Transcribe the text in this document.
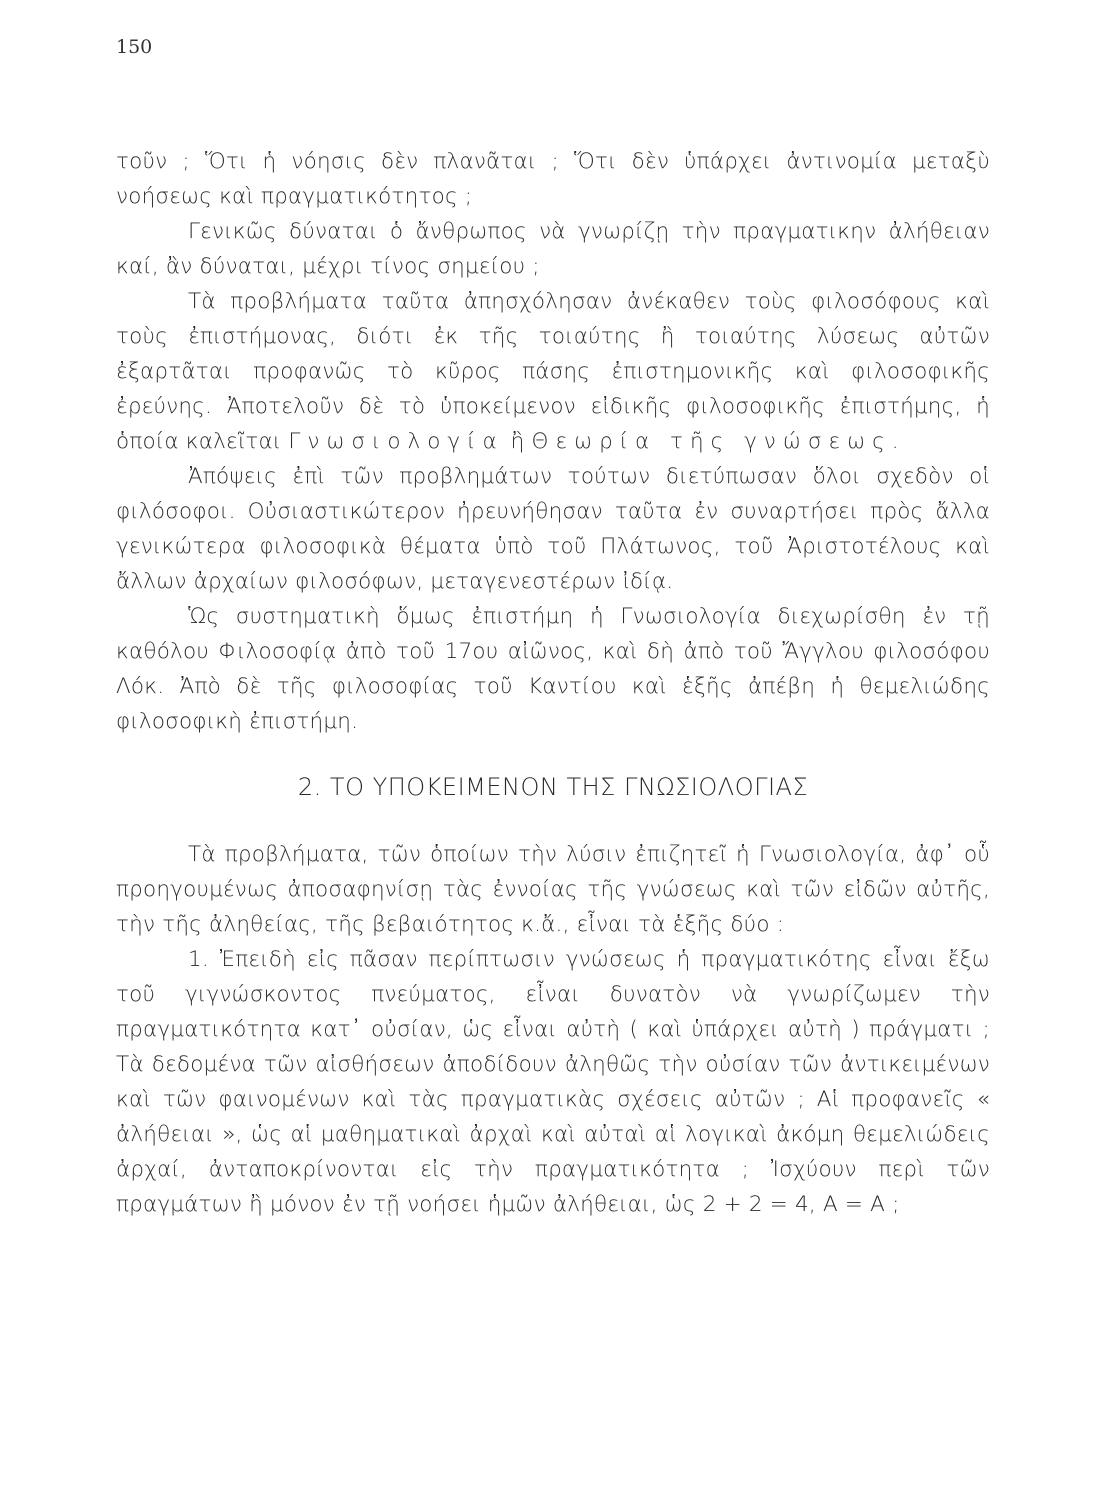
150

τοῦν ; Ὅτι ἡ νόησις δὲν πλανᾶται ; Ὅτι δὲν ὑπάρχει ἀντινομία μεταξὺ νοήσεως καὶ πραγματικότητος ;

Γενικῶς δύναται ὁ ἄνθρωπος νὰ γνωρίζῃ τὴν πραγματικην ἀλήθειαν καί, ἂν δύναται, μέχρι τίνος σημείου ;

Τὰ προβλήματα ταῦτα ἀπησχόλησαν ἀνέκαθεν τοὺς φιλοσόφους καὶ τοὺς ἐπιστήμονας, διότι ἐκ τῆς τοιαύτης ἢ τοιαύτης λύσεως αὐτῶν ἐξαρτᾶται προφανῶς τὸ κῦρος πάσης ἐπιστημονικῆς καὶ φιλοσοφικῆς ἐρεύνης. Ἀποτελοῦν δὲ τὸ ὑποκείμενον εἰδικῆς φιλοσοφικῆς ἐπιστήμης, ἡ ὁποία καλεῖται Γνωσιολογία ἢ Θεωρία τῆς γνώσεως.

Ἀπόψεις ἐπὶ τῶν προβλημάτων τούτων διετύπωσαν ὅλοι σχεδὸν οἱ φιλόσοφοι. Οὐσιαστικώτερον ἠρευνήθησαν ταῦτα ἐν συναρτήσει πρὸς ἄλλα γενικώτερα φιλοσοφικὰ θέματα ὑπὸ τοῦ Πλάτωνος, τοῦ Ἀριστοτέλους καὶ ἄλλων ἀρχαίων φιλοσόφων, μεταγενεστέρων ἰδίᾳ.

Ὡς συστηματικὴ ὅμως ἐπιστήμη ἡ Γνωσιολογία διεχωρίσθη ἐν τῇ καθόλου Φιλοσοφίᾳ ἀπὸ τοῦ 17ου αἰῶνος, καὶ δὴ ἀπὸ τοῦ Ἄγγλου φιλοσόφου Λόκ. Ἀπὸ δὲ τῆς φιλοσοφίας τοῦ Καντίου καὶ ἑξῆς ἀπέβη ἡ θεμελιώδης φιλοσοφικὴ ἐπιστήμη.

2. ΤΟ ΥΠΟΚΕΙΜΕΝΟΝ ΤΗΣ ΓΝΩΣΙΟΛΟΓΙΑΣ

Τὰ προβλήματα, τῶν ὁποίων τὴν λύσιν ἐπιζητεῖ ἡ Γνωσιολογία, ἀφ᾽ οὗ προηγουμένως ἀποσαφηνίσῃ τὰς ἐννοίας τῆς γνώσεως καὶ τῶν εἰδῶν αὐτῆς, τὴν τῆς ἀληθείας, τῆς βεβαιότητος κ.ἄ., εἶναι τὰ ἑξῆς δύο :

1. Ἐπειδὴ εἰς πᾶσαν περίπτωσιν γνώσεως ἡ πραγματικότης εἶναι ἔξω τοῦ γιγνώσκοντος πνεύματος, εἶναι δυνατὸν νὰ γνωρίζωμεν τὴν πραγματικότητα κατ᾽ οὐσίαν, ὡς εἶναι αὐτὴ ( καὶ ὑπάρχει αὐτὴ ) πράγματι ; Τὰ δεδομένα τῶν αἰσθήσεων ἀποδίδουν ἀληθῶς τὴν οὐσίαν τῶν ἀντικειμένων καὶ τῶν φαινομένων καὶ τὰς πραγματικὰς σχέσεις αὐτῶν ; Αἱ προφανεῖς « ἀλήθειαι », ὡς αἱ μαθηματικαὶ ἀρχαὶ καὶ αὐταὶ αἱ λογικαὶ ἀκόμη θεμελιώδεις ἀρχαί, ἀνταποκρίνονται εἰς τὴν πραγματικότητα ; Ἰσχύουν περὶ τῶν πραγμάτων ἢ μόνον ἐν τῇ νοήσει ἡμῶν ἀλήθειαι, ὡς 2 + 2 = 4, Α = Α ;
